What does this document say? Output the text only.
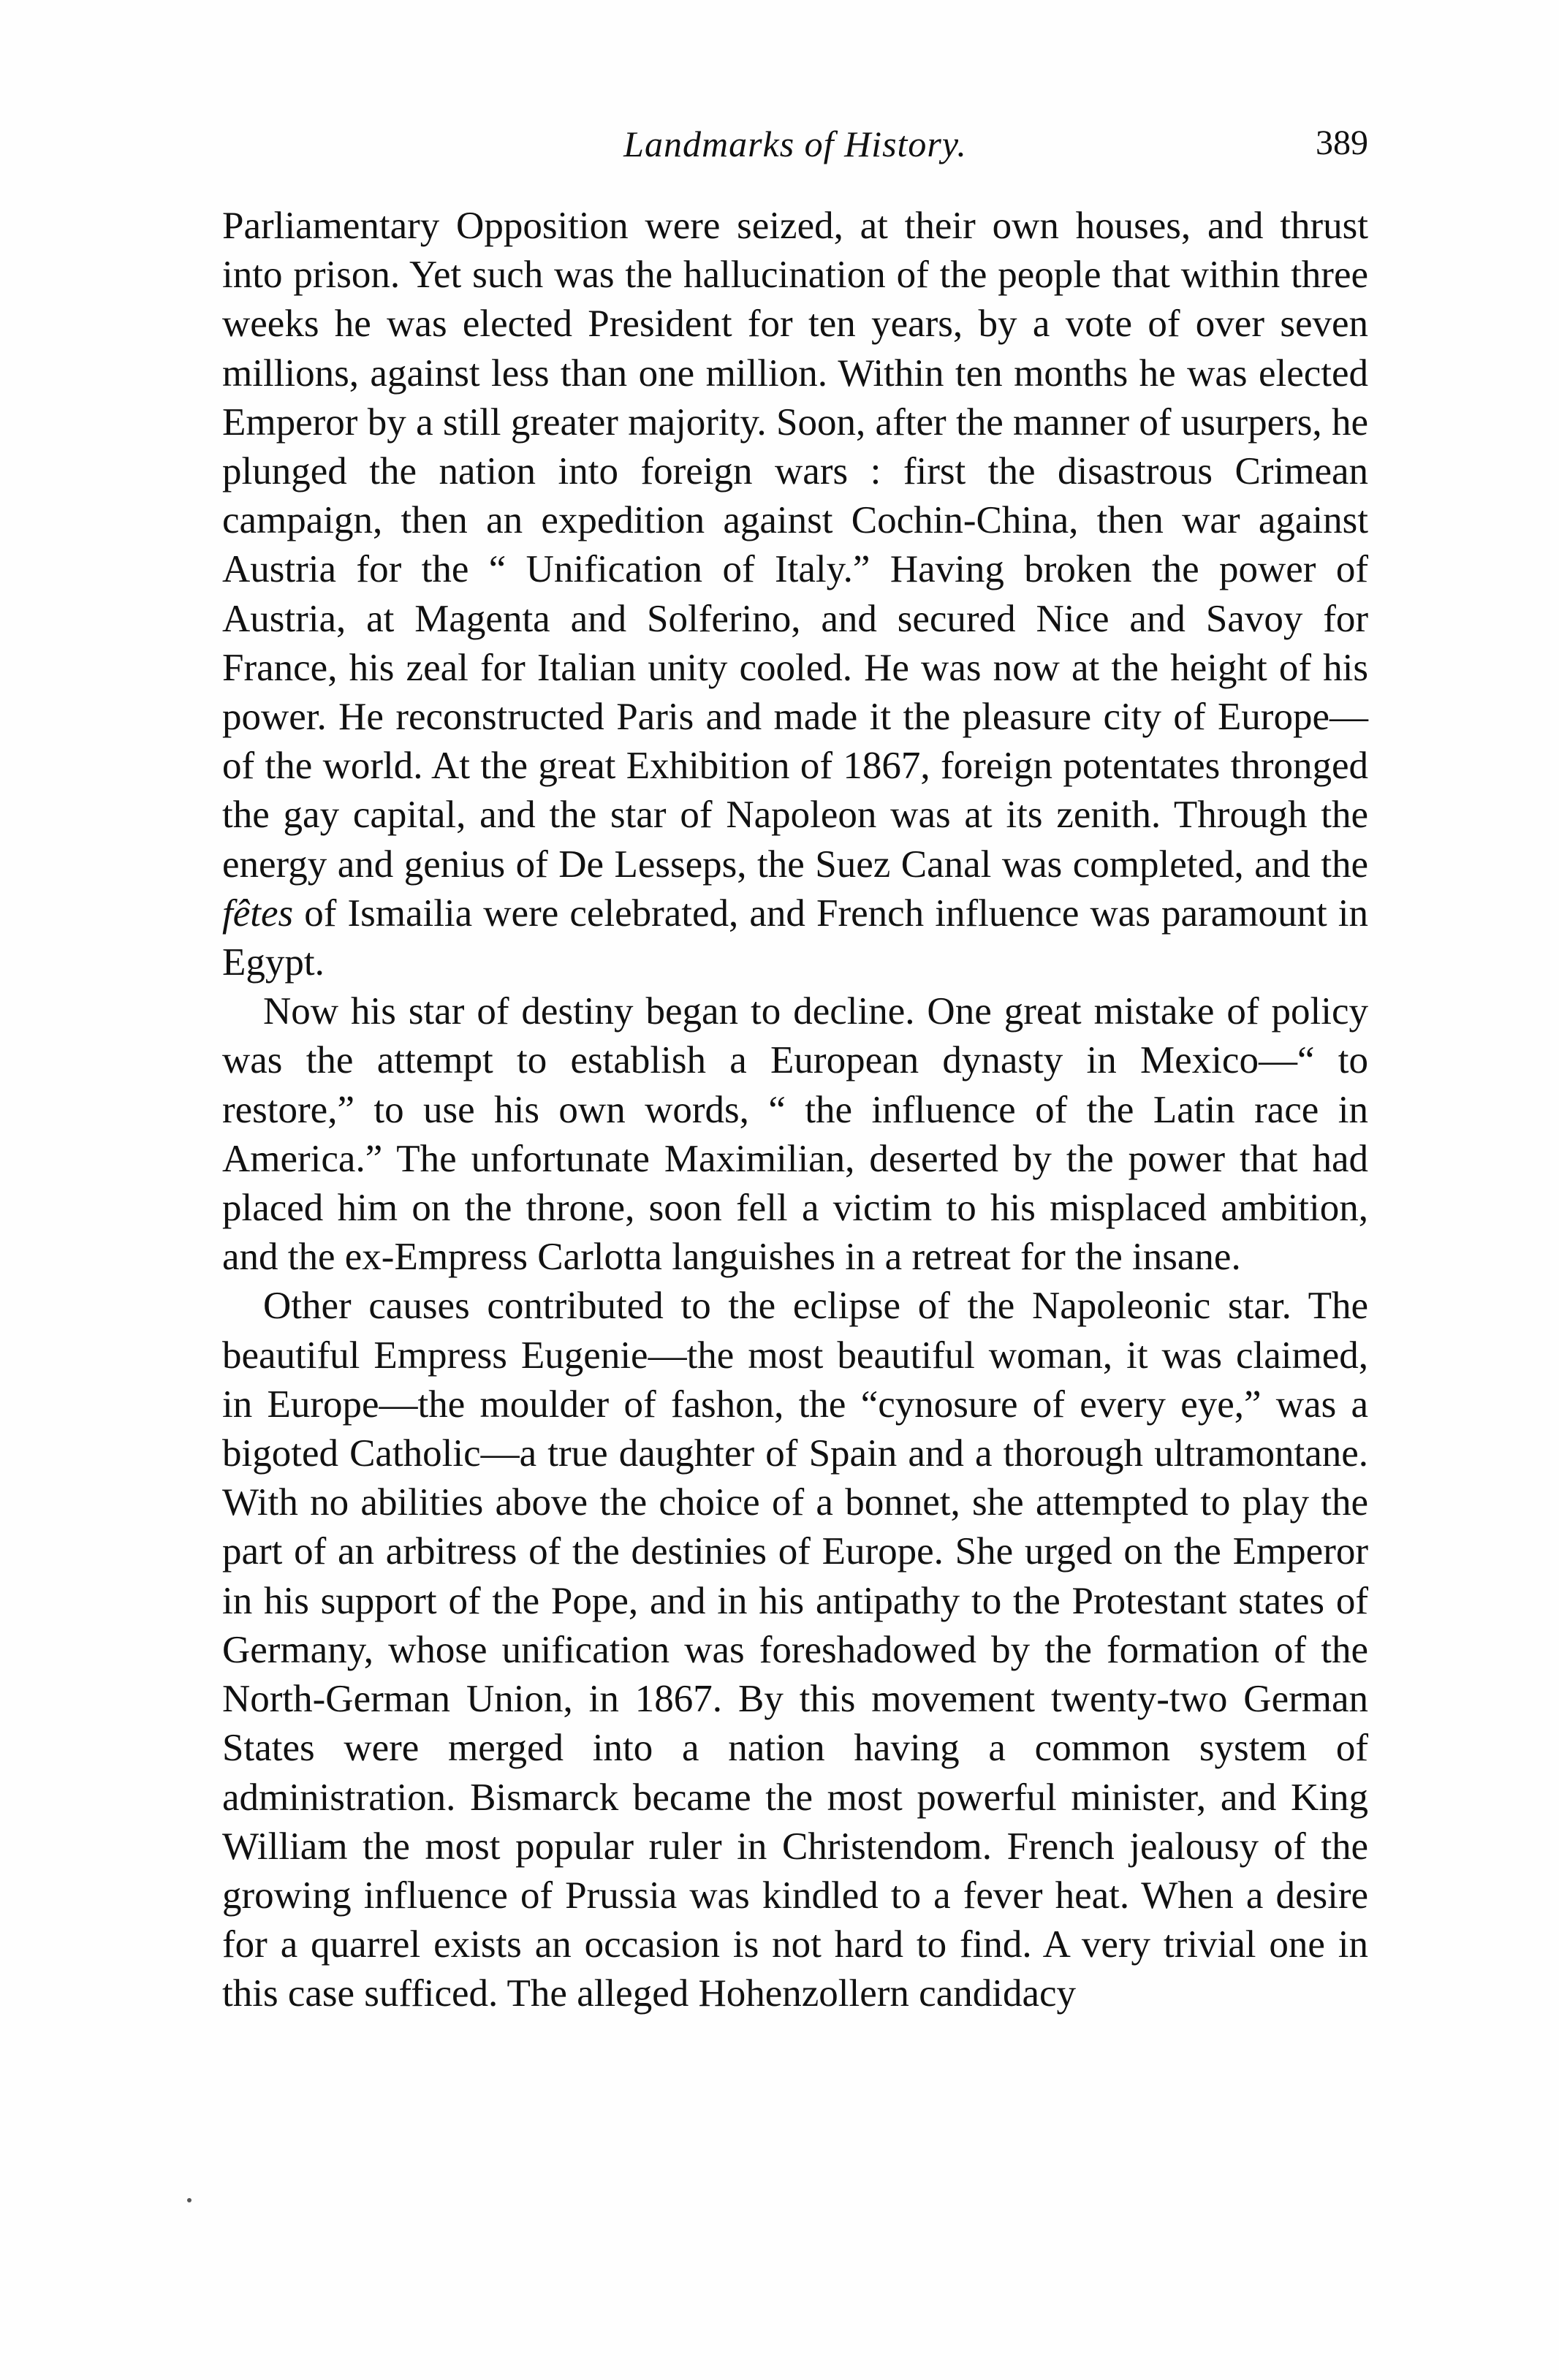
Landmarks of History.	389

Parliamentary Opposition were seized, at their own houses, and thrust into prison. Yet such was the hallucination of the people that within three weeks he was elected President for ten years, by a vote of over seven millions, against less than one million. Within ten months he was elected Emperor by a still greater majority. Soon, after the manner of usurpers, he plunged the nation into foreign wars : first the disastrous Crimean campaign, then an expedition against Cochin-China, then war against Austria for the “ Unification of Italy.” Having broken the power of Austria, at Magenta and Solferino, and secured Nice and Savoy for France, his zeal for Italian unity cooled. He was now at the height of his power. He reconstructed Paris and made it the pleasure city of Europe—of the world. At the great Exhibition of 1867, foreign potentates thronged the gay capital, and the star of Napoleon was at its zenith. Through the energy and genius of De Lesseps, the Suez Canal was completed, and the fêtes of Ismailia were celebrated, and French influence was paramount in Egypt.

Now his star of destiny began to decline. One great mistake of policy was the attempt to establish a European dynasty in Mexico—“ to restore,” to use his own words, “ the influence of the Latin race in America.” The unfortunate Maximilian, deserted by the power that had placed him on the throne, soon fell a victim to his misplaced ambition, and the ex-Empress Carlotta languishes in a retreat for the insane.

Other causes contributed to the eclipse of the Napoleonic star. The beautiful Empress Eugenie—the most beautiful woman, it was claimed, in Europe—the moulder of fashon, the “cynosure of every eye,” was a bigoted Catholic—a true daughter of Spain and a thorough ultramontane. With no abilities above the choice of a bonnet, she attempted to play the part of an arbitress of the destinies of Europe. She urged on the Emperor in his support of the Pope, and in his antipathy to the Protestant states of Germany, whose unification was foreshadowed by the formation of the North-German Union, in 1867. By this movement twenty-two German States were merged into a nation having a common system of administration. Bismarck became the most powerful minister, and King William the most popular ruler in Christendom. French jealousy of the growing influence of Prussia was kindled to a fever heat. When a desire for a quarrel exists an occasion is not hard to find. A very trivial one in this case sufficed. The alleged Hohenzollern candidacy
